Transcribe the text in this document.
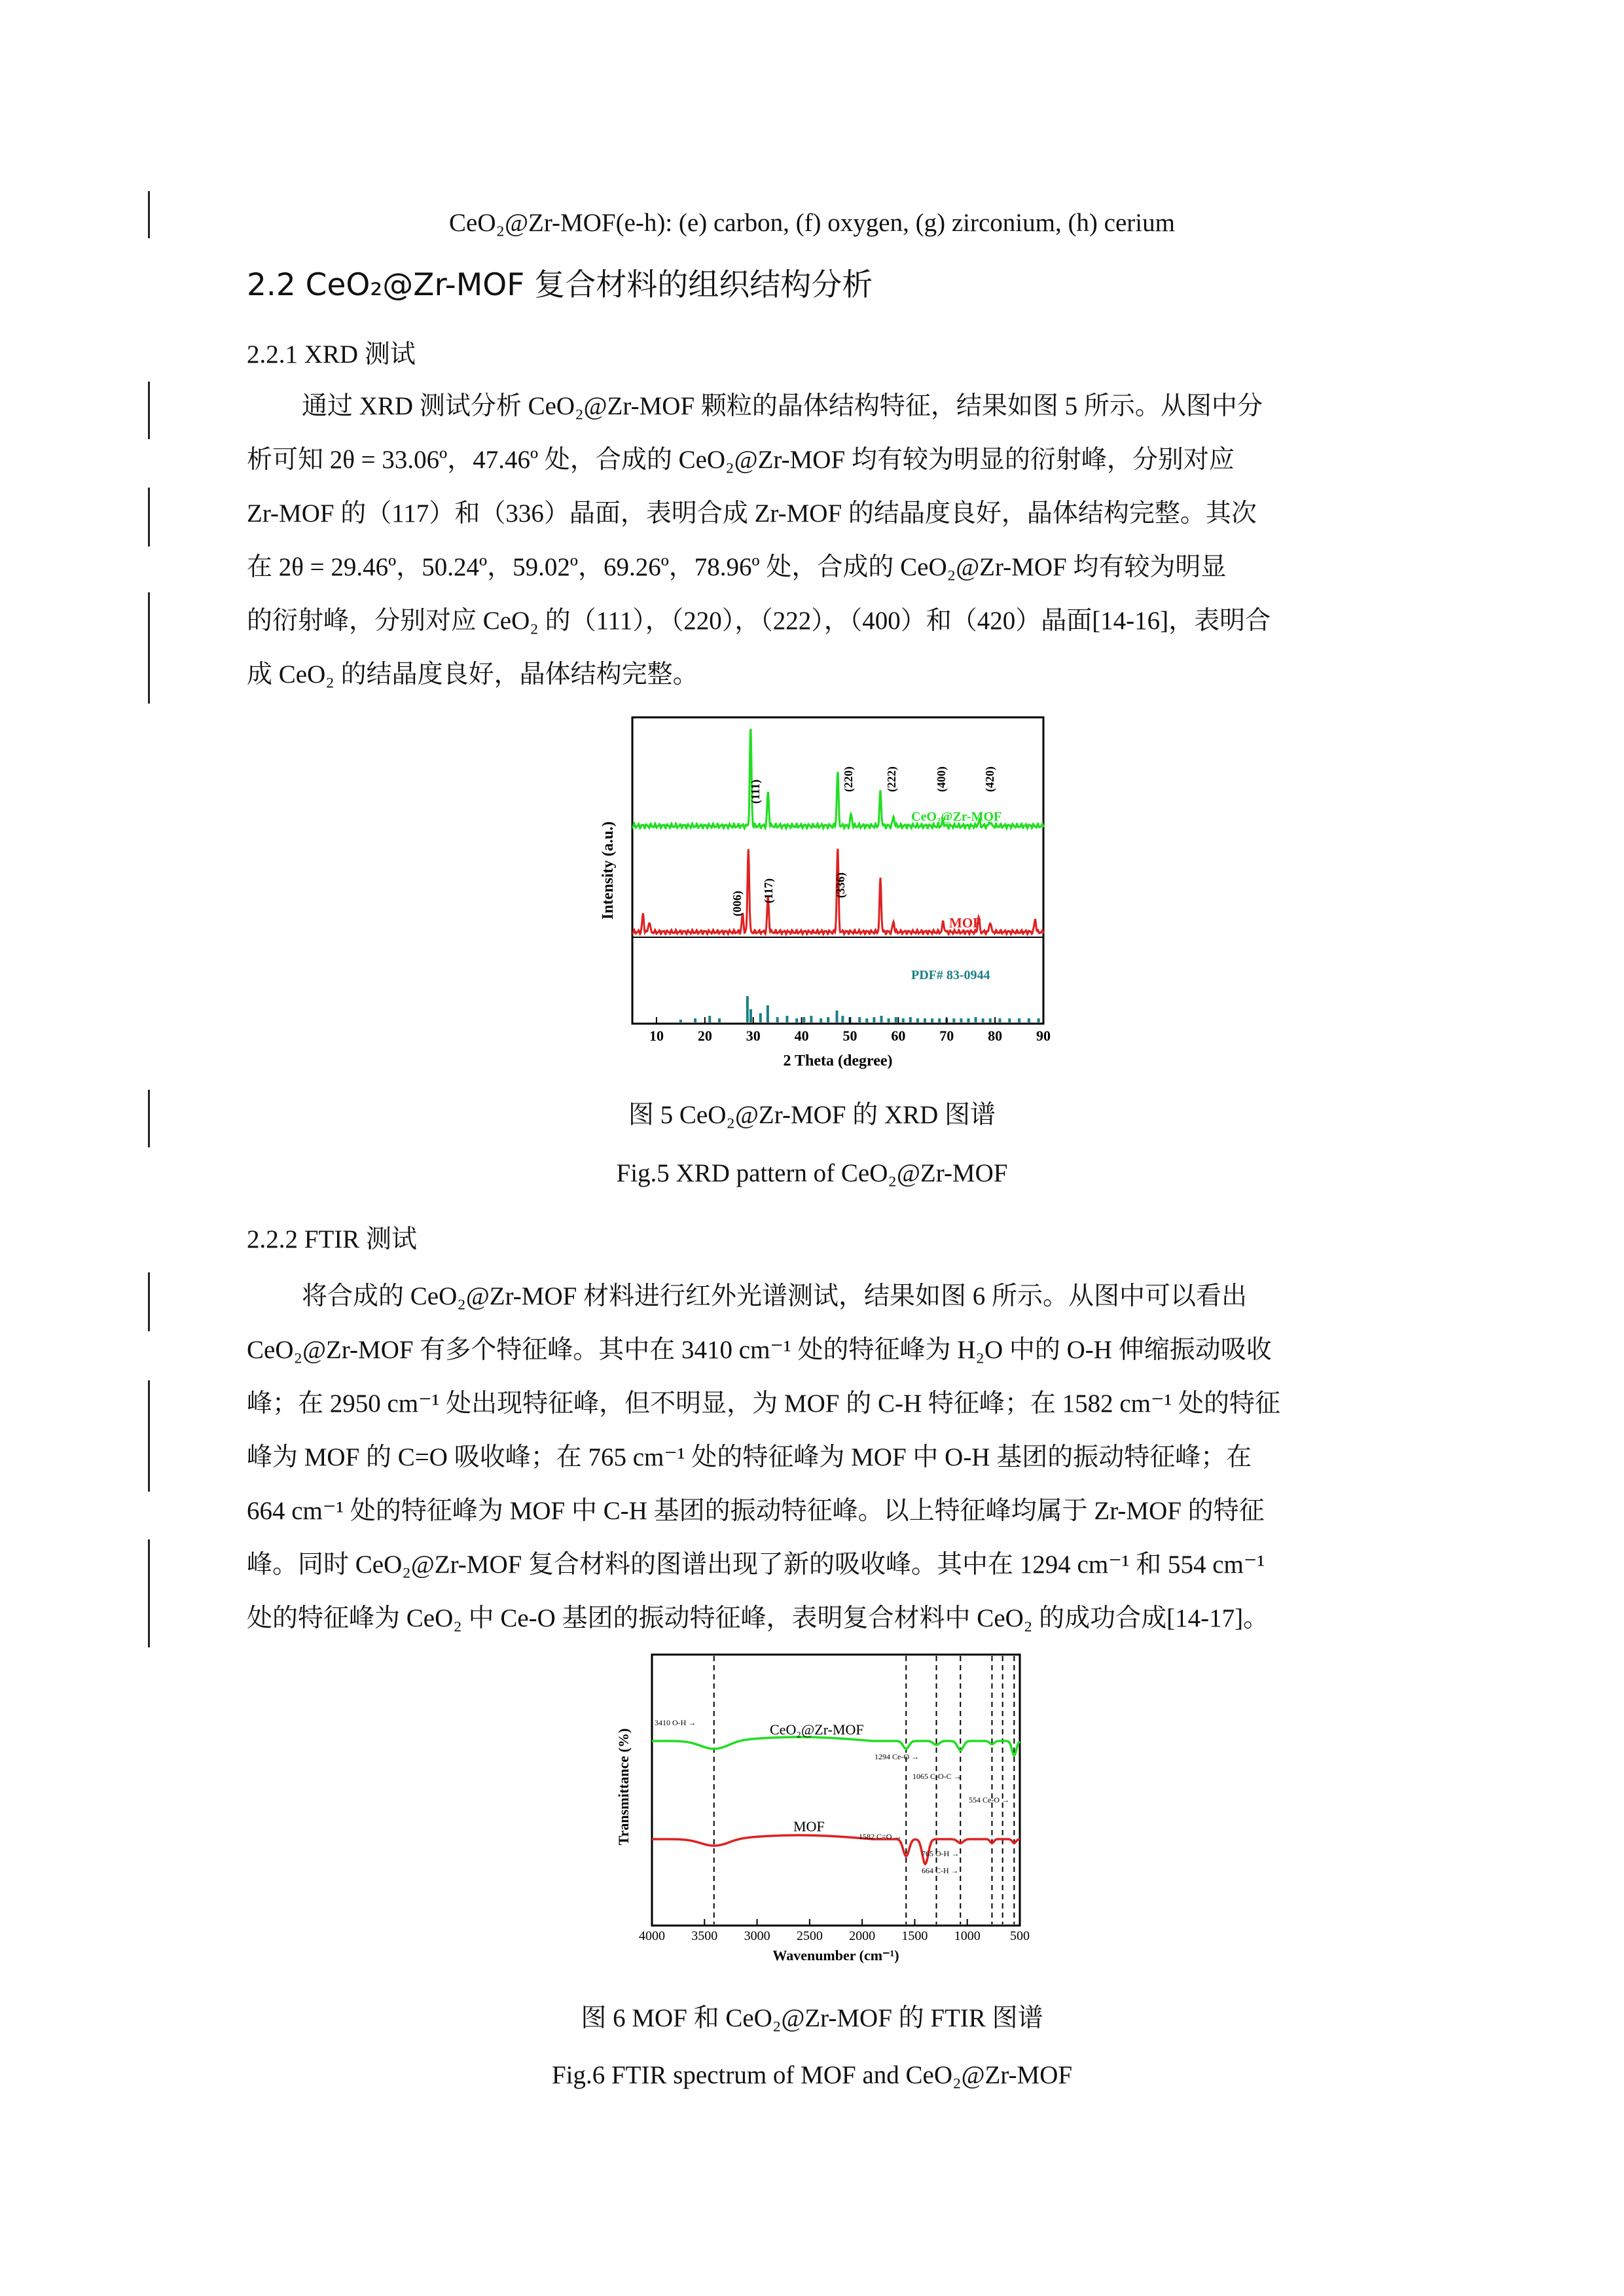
CeO₂@Zr-MOF(e-h): (e) carbon, (f) oxygen, (g) zirconium, (h) cerium
2.2 CeO₂@Zr-MOF 复合材料的组织结构分析
2.2.1 XRD 测试
通过 XRD 测试分析 CeO₂@Zr-MOF 颗粒的晶体结构特征，结果如图 5 所示。从图中分
析可知 2θ = 33.06º，47.46º 处，合成的 CeO₂@Zr-MOF 均有较为明显的衍射峰，分别对应
Zr-MOF 的（117）和（336）晶面，表明合成 Zr-MOF 的结晶度良好，晶体结构完整。其次
在 2θ = 29.46º，50.24º，59.02º，69.26º，78.96º 处，合成的 CeO₂@Zr-MOF 均有较为明显
的衍射峰，分别对应 CeO₂ 的（111），（220），（222），（400）和（420）晶面[14-16]，表明合
成 CeO₂ 的结晶度良好，晶体结构完整。
10 20 30 40 50 60 70 80 90
2 Theta (degree)
Intensity (a.u.)
CeO₂@Zr-MOF
MOF
PDF# 83-0944
(111)	(220)	(222)	(400)	(420)
(006) (117)	(336)
图 5 CeO₂@Zr-MOF 的 XRD 图谱
Fig.5 XRD pattern of CeO₂@Zr-MOF
2.2.2 FTIR 测试
将合成的 CeO₂@Zr-MOF 材料进行红外光谱测试，结果如图 6 所示。从图中可以看出
CeO₂@Zr-MOF 有多个特征峰。其中在 3410 cm⁻¹ 处的特征峰为 H₂O 中的 O-H 伸缩振动吸收
峰；在 2950 cm⁻¹ 处出现特征峰，但不明显，为 MOF 的 C-H 特征峰；在 1582 cm⁻¹ 处的特征
峰为 MOF 的 C=O 吸收峰；在 765 cm⁻¹ 处的特征峰为 MOF 中 O-H 基团的振动特征峰；在
664 cm⁻¹ 处的特征峰为 MOF 中 C-H 基团的振动特征峰。以上特征峰均属于 Zr-MOF 的特征
峰。同时 CeO₂@Zr-MOF 复合材料的图谱出现了新的吸收峰。其中在 1294 cm⁻¹ 和 554 cm⁻¹
处的特征峰为 CeO₂ 中 Ce-O 基团的振动特征峰，表明复合材料中 CeO₂ 的成功合成[14-17]。
4000 3500 3000 2500 2000 1500 1000 500
Wavenumber (cm⁻¹)
Transmittance (%)	CeO₂@Zr-MOF
MOF
3410 O-H →
1294 Ce-O →
1065 C-O-C →
554 Ce-O →
1582 C=O →
765 O-H →
664 C-H →
图 6 MOF 和 CeO₂@Zr-MOF 的 FTIR 图谱
Fig.6 FTIR spectrum of MOF and CeO₂@Zr-MOF
